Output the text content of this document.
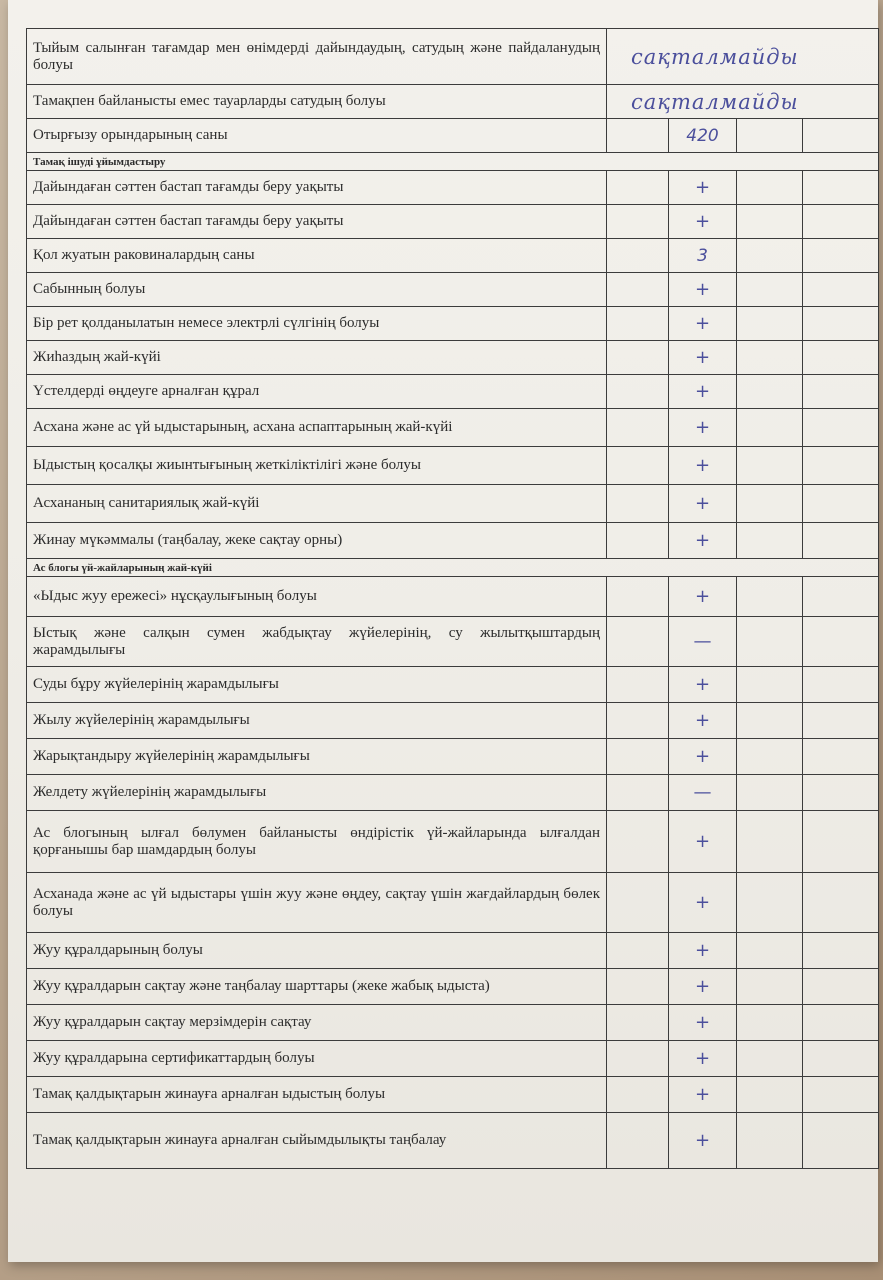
Тыйым салынған тағамдар мен өнімдерді дайындаудың, сатудың және пайдаланудың болуы	сақталмайды			
Тамақпен байланысты емес тауарларды сатудың болуы	сақталмайды			
Отырғызу орындарының саны		420		
Тамақ ішуді ұйымдастыру				
Дайындаған сәттен бастап тағамды беру уақыты		+		
Дайындаған сәттен бастап тағамды беру уақыты		+		
Қол жуатын раковиналардың саны		3		
Сабынның болуы		+		
Бір рет қолданылатын немесе электрлі сүлгінің болуы		+		
Жиһаздың жай-күйі		+		
Үстелдерді өңдеуге арналған құрал		+		
Асхана және ас үй ыдыстарының, асхана аспаптарының жай-күйі		+		
Ыдыстың қосалқы жиынтығының жеткіліктілігі және болуы		+		
Асхананың санитариялық жай-күйі		+		
Жинау мүкәммалы (таңбалау, жеке сақтау орны)		+		
Ас блогы үй-жайларының жай-күйі				
«Ыдыс жуу ережесі» нұсқаулығының болуы		+		
Ыстық және салқын сумен жабдықтау жүйелерінің, су жылытқыштардың жарамдылығы		—		
Суды бұру жүйелерінің жарамдылығы		+		
Жылу жүйелерінің жарамдылығы		+		
Жарықтандыру жүйелерінің жарамдылығы		+		
Желдету жүйелерінің жарамдылығы		—		
Ас блогының ылғал бөлумен байланысты өндірістік үй-жайларында ылғалдан қорғанышы бар шамдардың болуы		+		
Асханада және ас үй ыдыстары үшін жуу және өңдеу, сақтау үшін жағдайлардың бөлек болуы		+		
Жуу құралдарының болуы		+		
Жуу құралдарын сақтау және таңбалау шарттары (жеке жабық ыдыста)		+		
Жуу құралдарын сақтау мерзімдерін сақтау		+		
Жуу құралдарына сертификаттардың болуы		+		
Тамақ қалдықтарын жинауға арналған ыдыстың болуы		+		
Тамақ қалдықтарын жинауға арналған сыйымдылықты таңбалау		+		
